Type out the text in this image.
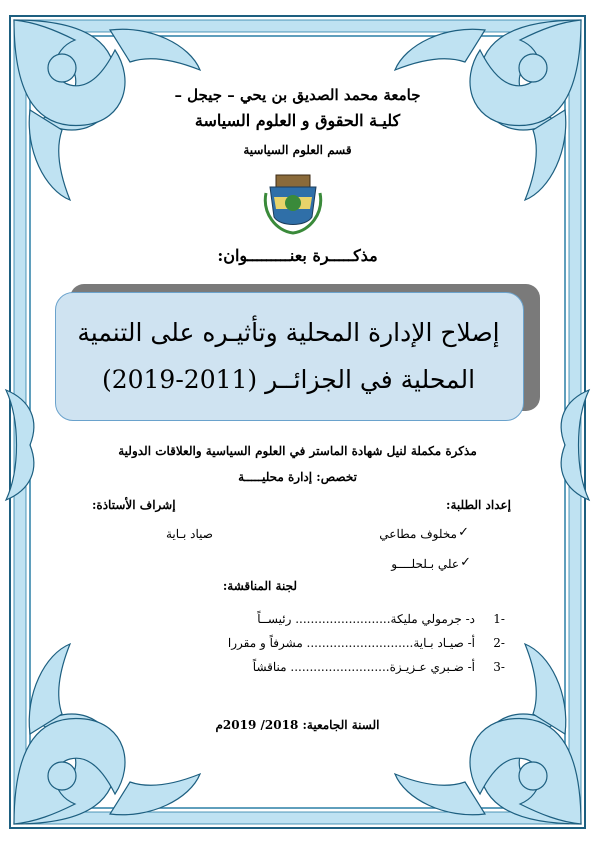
جامعة محمد الصديق بن يحي – جيجل –
كليـة الحقوق و العلوم السياسة
قسم العلوم السياسية
مذكـــــرة بعنـــــــــوان:
إصلاح الإدارة المحلية وتأثيـره على التنمية
المحلية في الجزائــر (2011-2019)
مذكرة مكملة لنيل شهادة الماستر في العلوم السياسية والعلاقات الدولية
تخصص: إدارة محليـــــة
إعداد الطلبة:
إشراف الأستاذة:
✓
مخلوف مطاعي
✓
علي بـلحلــــو
صياد بـاية
لجنة المناقشة:
1-
د- جرمولي مليكة......................... رئيســاً
2-
أ- صيـاد بـاية............................ مشرفاً و مقررا
3-
أ- ضـبري عـزيـزة.......................... مناقشاً
السنة الجامعية: 2018/ 2019م
